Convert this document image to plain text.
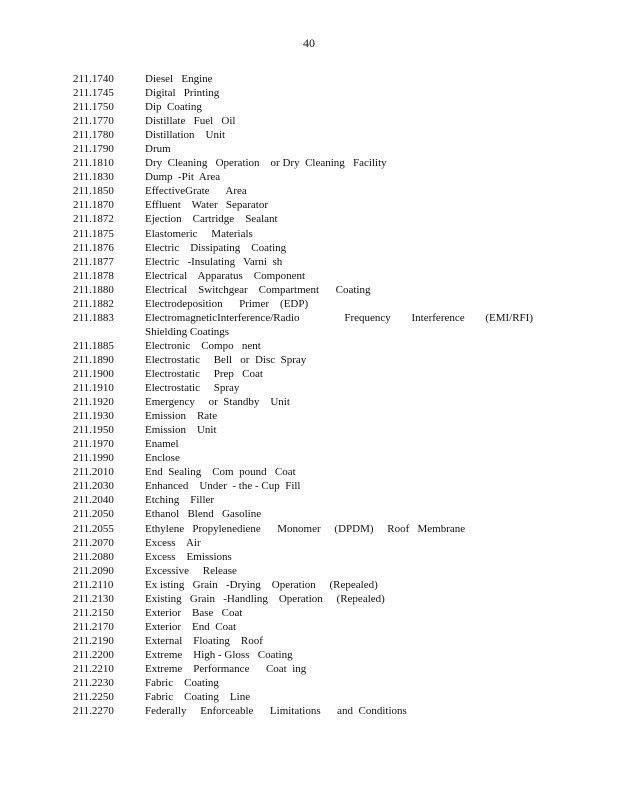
40
211.1740	Diesel   Engine
211.1745	Digital   Printing
211.1750	Dip  Coating
211.1770	Distillate   Fuel   Oil
211.1780	Distillation    Unit
211.1790	Drum
211.1810	Dry  Cleaning   Operation    or Dry  Cleaning   Facility
211.1830	Dump  -Pit  Area
211.1850	EffectiveGrate      Area
211.1870	Effluent    Water   Separator
211.1872	Ejection    Cartridge    Sealant
211.1875	Elastomeric     Materials
211.1876	Electric    Dissipating    Coating
211.1877	Electric   -Insulating   Varni  sh
211.1878	Electrical    Apparatus    Component
211.1880	Electrical    Switchgear    Compartment      Coating
211.1882	Electrodeposition      Primer    (EDP)
211.1883	ElectromagneticInterference/Radio             Frequency      Interference      (EMI/RFI)      Shielding Coatings
211.1885	Electronic    Compo   nent
211.1890	Electrostatic     Bell   or  Disc  Spray
211.1900	Electrostatic     Prep   Coat
211.1910	Electrostatic     Spray
211.1920	Emergency     or  Standby    Unit
211.1930	Emission    Rate
211.1950	Emission    Unit
211.1970	Enamel
211.1990	Enclose
211.2010	End  Sealing    Com  pound   Coat
211.2030	Enhanced    Under  - the - Cup  Fill
211.2040	Etching    Filler
211.2050	Ethanol   Blend   Gasoline
211.2055	Ethylene   Propylenediene      Monomer     (DPDM)     Roof   Membrane
211.2070	Excess    Air
211.2080	Excess    Emissions
211.2090	Excessive     Release
211.2110	Ex isting   Grain   -Drying    Operation     (Repealed)
211.2130	Existing   Grain   -Handling    Operation     (Repealed)
211.2150	Exterior    Base   Coat
211.2170	Exterior    End  Coat
211.2190	External    Floating    Roof
211.2200	Extreme    High - Gloss   Coating
211.2210	Extreme    Performance      Coat  ing
211.2230	Fabric    Coating
211.2250	Fabric    Coating    Line
211.2270	Federally     Enforceable      Limitations      and  Conditions
